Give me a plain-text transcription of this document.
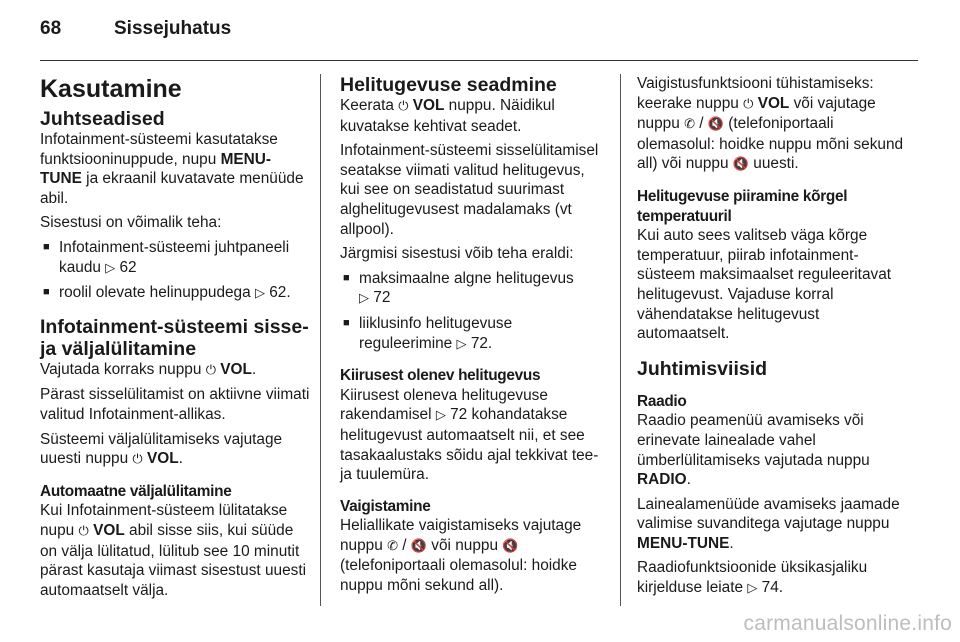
68	Sissejuhatus
Kasutamine
Juhtseadised

Infotainment-süsteemi kasutatakse funktsiooninuppude, nupu MENU-TUNE ja ekraanil kuvatavate menüüde abil.

Sisestusi on võimalik teha:

■ Infotainment-süsteemi juhtpaneeli kaudu ▷ 62
■ roolil olevate helinuppudega ▷ 62.
Infotainment-süsteemi sisse- ja väljalülitamine

Vajutada korraks nuppu ⏻ VOL.

Pärast sisselülitamist on aktiivne viimati valitud Infotainment-allikas.

Süsteemi väljalülitamiseks vajutage uuesti nuppu ⏻ VOL.

Automaatne väljalülitamine

Kui Infotainment-süsteem lülitatakse nupu ⏻ VOL abil sisse siis, kui süüde on välja lülitatud, lülitub see 10 minutit pärast kasutaja viimast sisestust uuesti automaatselt välja.

Helitugevuse seadmine

Keerata ⏻ VOL nuppu. Näidikul kuvatakse kehtivat seadet.

Infotainment-süsteemi sisselülitamisel seatakse viimati valitud helitugevus, kui see on seadistatud suurimast alghelitugevusest madalamaks (vt allpool).

Järgmisi sisestusi võib teha eraldi:

■ maksimaalne algne helitugevus
▷ 72
■ liiklusinfo helitugevuse reguleerimine ▷ 72.
Kiirusest olenev helitugevus

Kiirusest oleneva helitugevuse rakendamisel ▷ 72 kohandatakse helitugevust automaatselt nii, et see tasakaalustaks sõidu ajal tekkivat tee- ja tuulemüra.

Vaigistamine

Heliallikate vaigistamiseks vajutage nuppu ✆ / 🔇 või nuppu 🔇 (telefoniportaali olemasolul: hoidke nuppu mõni sekund all).

Vaigistusfunktsiooni tühistamiseks: keerake nuppu ⏻ VOL või vajutage nuppu ✆ / 🔇 (telefoniportaali olemasolul: hoidke nuppu mõni sekund all) või nuppu 🔇 uuesti.

Helitugevuse piiramine kõrgel temperatuuril

Kui auto sees valitseb väga kõrge temperatuur, piirab infotainment-süsteem maksimaalset reguleeritavat helitugevust. Vajaduse korral vähendatakse helitugevust automaatselt.

Juhtimisviisid
Raadio

Raadio peamenüü avamiseks või erinevate lainealade vahel ümberlülitamiseks vajutada nuppu RADIO.

Lainealamenüüde avamiseks jaamade valimise suvanditega vajutage nuppu MENU-TUNE.

Raadiofunktsioonide üksikasjaliku kirjelduse leiate ▷ 74.

carmanualsonline.info
